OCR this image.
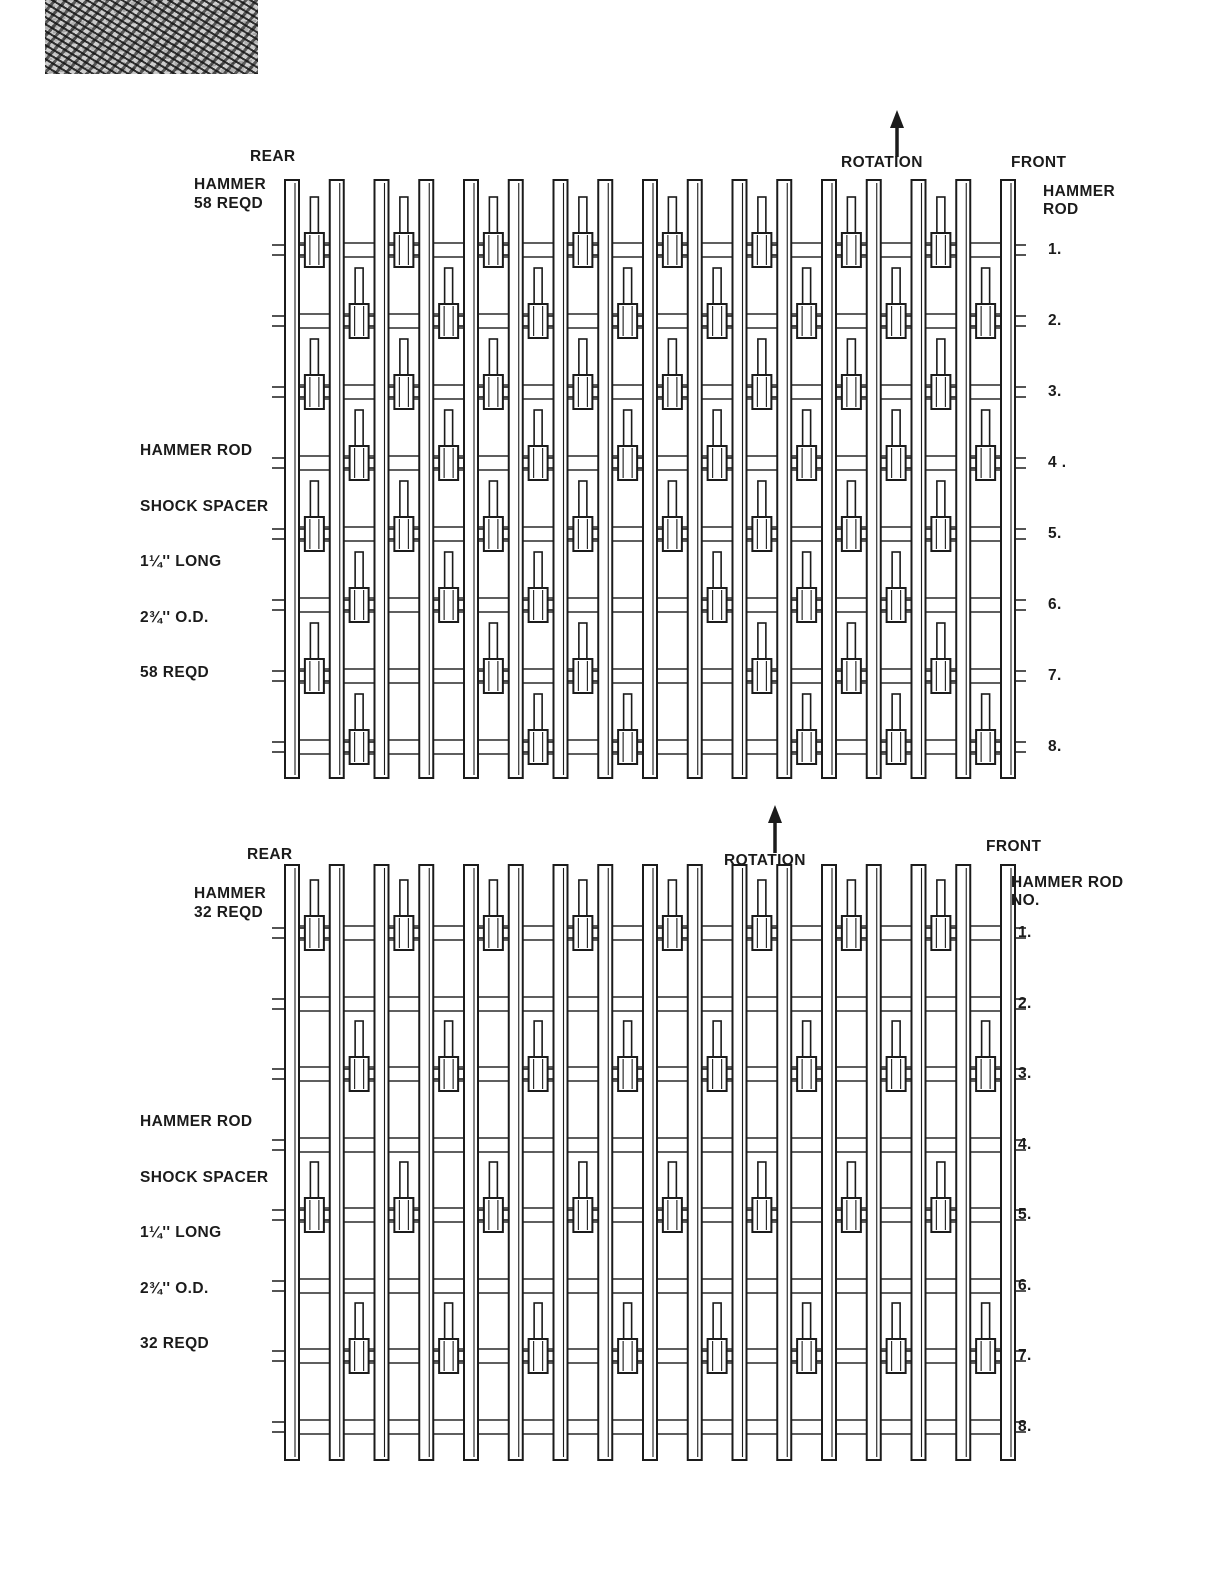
REAR	ROTATION	FRONT
HAMMER
58 REQD
HAMMER
ROD

HAMMER ROD

SHOCK SPACER

1¼'' LONG

2¾'' O.D.

58 REQD

1.
2.
3.
4 .
5.
6.
7.
8.
REAR	ROTATION
FRONT
HAMMER
32 REQD
HAMMER ROD
NO.

HAMMER ROD

SHOCK SPACER

1¼'' LONG

2¾'' O.D.

32 REQD

1.
2.
3.
4.
5.
6.
7.
8.
